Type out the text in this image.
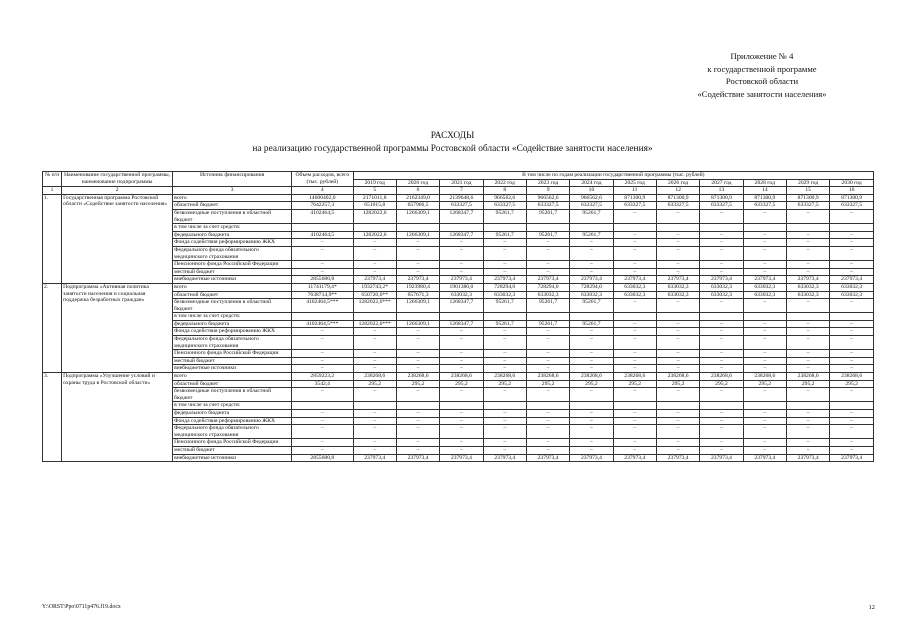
Приложение № 4
к государственной программе
Ростовской области
«Содействие занятости населения»
РАСХОДЫ
на реализацию государственной программы Ростовской области «Содействие занятости населения»
№ п/п	Наименование государственной программы, наименование подпрограммы	Источник финансирования	Объем расходов, всего (тыс. рублей)	В том числе по годам реализации государственной программы (тыс. рублей)											
				2019 год	2020 год	2021 год	2022 год	2023 год	2024 год	2025 год	2026 год	2027 год	2028 год	2029 год	2030 год
1	2	3	4	5	6	7	8	9	10	11	12	13	14	15	16
1.	Государственная программа Ростовской области «Содействие занятости населения»	всего	14600402,6	2171011,8	2162349,0	2139648,6	966562,6	966562,6	966562,6	871300,9	871300,9	871300,9	871300,9	871300,9	871300,9
		областной бюджет	7642257,3	651015,8	657966,5	633327,5	633327,5	633327,5	633327,5	633327,5	633327,5	633327,5	633327,5	633327,5	633327,5
		безвозмездные поступления в областной бюджет	4102464,5	1282022,6	1266309,1	1268347,7	95261,7	95261,7	95261,7	–	–	–	–	–	–
		в том числе за счет средств:													
		федерального бюджета	4102464,5	1282022,6	1266309,1	1268347,7	95261,7	95261,7	95261,7	–	–	–	–	–	–
		Фонда содействия реформированию ЖКХ	–	–	–	–	–	–	–	–	–	–	–	–	–
		Федерального фонда обязательного медицинского страхования	–	–	–	–	–	–	–	–	–	–	–	–	–
		Пенсионного фонда Российской Федерации	–	–	–	–	–	–	–	–	–	–	–	–	–
		местный бюджет	–	–	–	–	–	–	–	–	–	–	–	–	–
		внебюджетные источники	2855680,8	237973,4	237973,4	237973,4	237973,4	237973,4	237973,4	237973,4	237973,4	237973,4	237973,4	237973,4	237973,4
2.	Подпрограмма «Активная политика занятости населения и социальная поддержка безработных граждан»	всего	11741179,4*	1932743,2*	1923980,4	1901380,0	728294,0	728294,0	728294,0	633032,3	633032,3	633032,3	633032,3	633032,3	633032,3
		областной бюджет	7638714,9**	650720,6**	657671,3	633032,3	633032,3	633032,3	633032,3	633032,3	633032,3	633032,3	633032,3	633032,3	633032,3
		безвозмездные поступления в областной бюджет	4102464,5***	1282022,6***	1266309,1	1268347,7	95261,7	95261,7	95261,7	–	–	–	–	–	–
		в том числе за счет средств:													
		федерального бюджета	4102464,5***	1282022,6***	1266309,1	1268347,7	95261,7	95261,7	95261,7	–	–	–	–	–	–
		Фонда содействия реформированию ЖКХ	–	–	–	–	–	–	–	–	–	–	–	–	–
		Федерального фонда обязательного медицинского страхования	–	–	–	–	–	–	–	–	–	–	–	–	–
		Пенсионного фонда Российской Федерации	–	–	–	–	–	–	–	–	–	–	–	–	–
		местный бюджет	–	–	–	–	–	–	–	–	–	–	–	–	–
		внебюджетные источники	–	–	–	–	–	–	–	–	–	–	–	–	–
3.	Подпрограмма «Улучшение условий и охраны труда в Ростовской области»	всего	2859223,2	238268,6	238268,6	238268,6	238268,6	238268,6	238268,6	238268,6	238268,6	238268,6	238268,6	238268,6	238268,6
		областной бюджет	3542,4	295,2	295,2	295,2	295,2	295,2	295,2	295,2	295,2	295,2	295,2	295,2	295,2
		безвозмездные поступления в областной бюджет	–	–	–	–	–	–	–	–	–	–	–	–	–
		в том числе за счет средств:													
		федерального бюджета	–	–	–	–	–	–	–	–	–	–	–	–	–
		Фонда содействия реформированию ЖКХ	–	–	–	–	–	–	–	–	–	–	–	–	–
		Федерального фонда обязательного медицинского страхования	–	–	–	–	–	–	–	–	–	–	–	–	–
		Пенсионного фонда Российской Федерации	–	–	–	–	–	–	–	–	–	–	–	–	–
		местный бюджет	–	–	–	–	–	–	–	–	–	–	–	–	–
		внебюджетные источники	2855680,8	237973,4	237973,4	237973,4	237973,4	237973,4	237973,4	237973,4	237973,4	237973,4	237973,4	237973,4	237973,4
Y:\ORST\Ppo\0711p476.f19.docx	12
